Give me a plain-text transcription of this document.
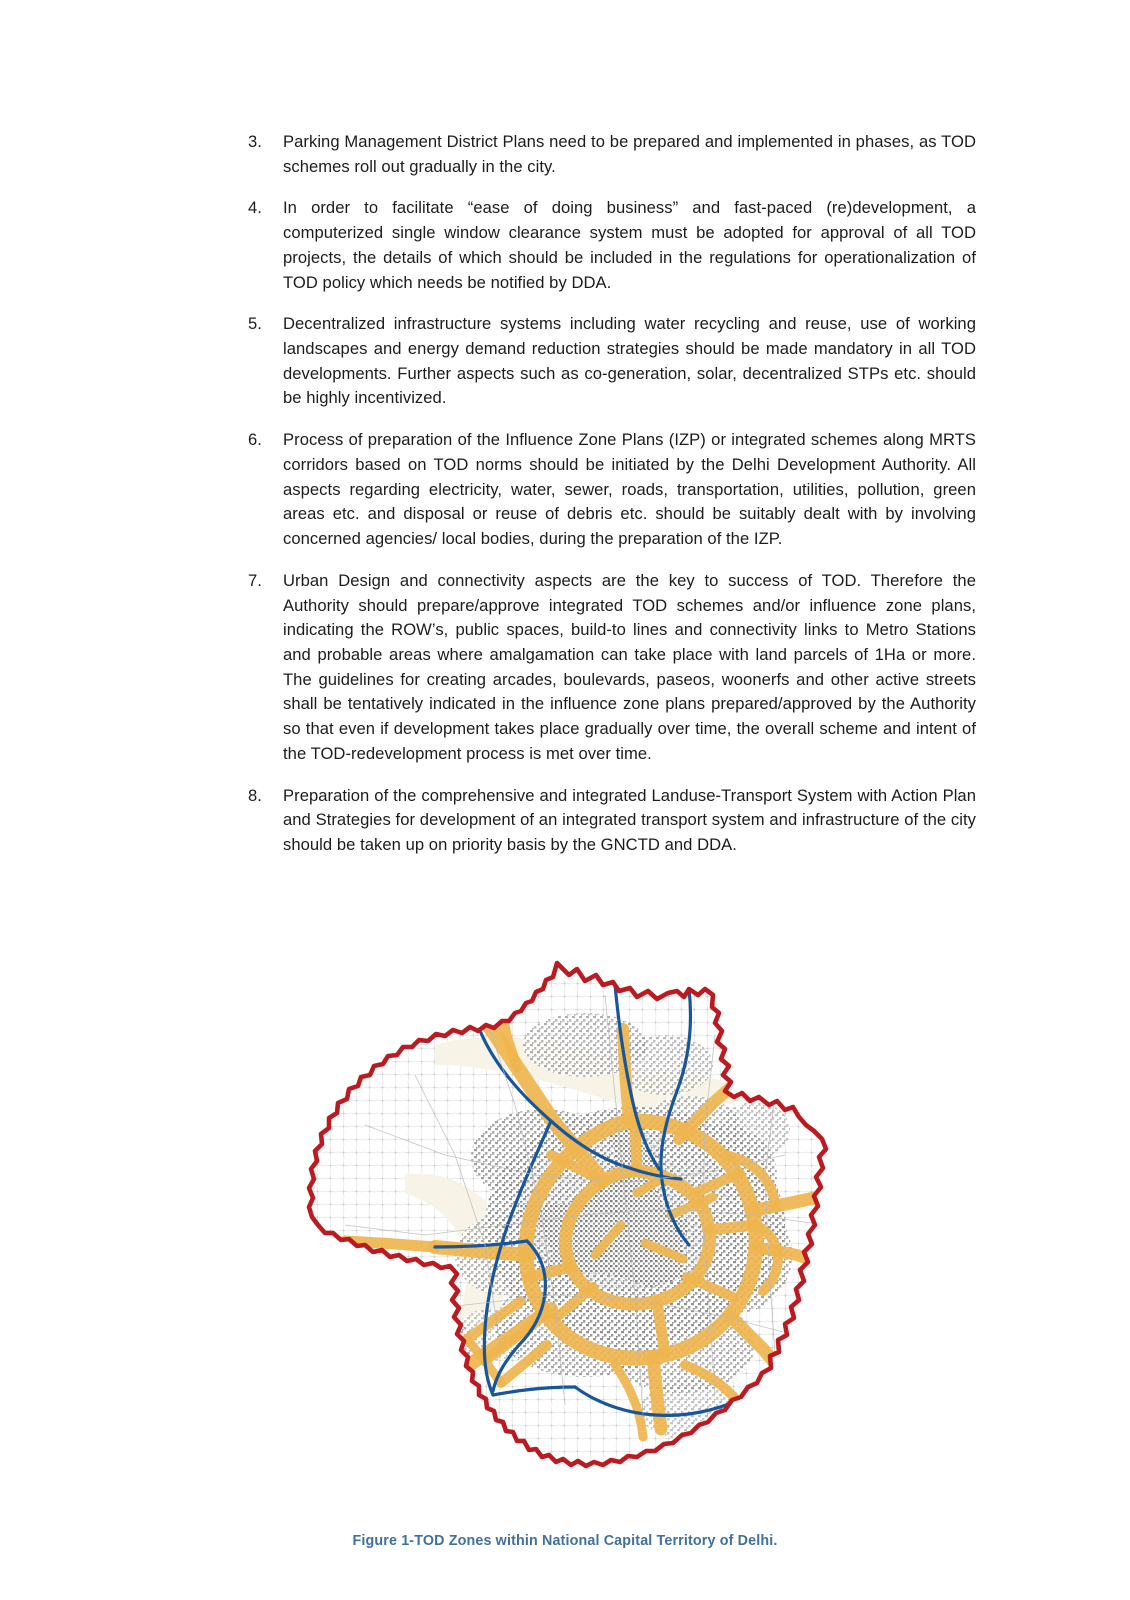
3.	Parking Management District Plans need to be prepared and implemented in phases, as TOD schemes roll out gradually in the city.
4.	In order to facilitate “ease of doing business” and fast-paced (re)development, a computerized single window clearance system must be adopted for approval of all TOD projects, the details of which should be included in the regulations for operationalization of TOD policy which needs be notified by DDA.
5.	Decentralized infrastructure systems including water recycling and reuse, use of working landscapes and energy demand reduction strategies should be made mandatory in all TOD developments. Further aspects such as co-generation, solar, decentralized STPs etc. should be highly incentivized.
6.	Process of preparation of the Influence Zone Plans (IZP) or integrated schemes along MRTS corridors based on TOD norms should be initiated by the Delhi Development Authority. All aspects regarding electricity, water, sewer, roads, transportation, utilities, pollution, green areas etc. and disposal or reuse of debris etc. should be suitably dealt with by involving concerned agencies/ local bodies, during the preparation of the IZP.
7.	Urban Design and connectivity aspects are the key to success of TOD. Therefore the Authority should prepare/approve integrated TOD schemes and/or influence zone plans, indicating the ROW’s, public spaces, build-to lines and connectivity links to Metro Stations and probable areas where amalgamation can take place with land parcels of 1Ha or more. The guidelines for creating arcades, boulevards, paseos, woonerfs and other active streets shall be tentatively indicated in the influence zone plans prepared/approved by the Authority so that even if development takes place gradually over time, the overall scheme and intent of the TOD-redevelopment process is met over time.
8.	Preparation of the comprehensive and integrated Landuse-Transport System with Action Plan and Strategies for development of an integrated transport system and infrastructure of the city should be taken up on priority basis by the GNCTD and DDA.
Figure 1-TOD Zones within National Capital Territory of Delhi.
